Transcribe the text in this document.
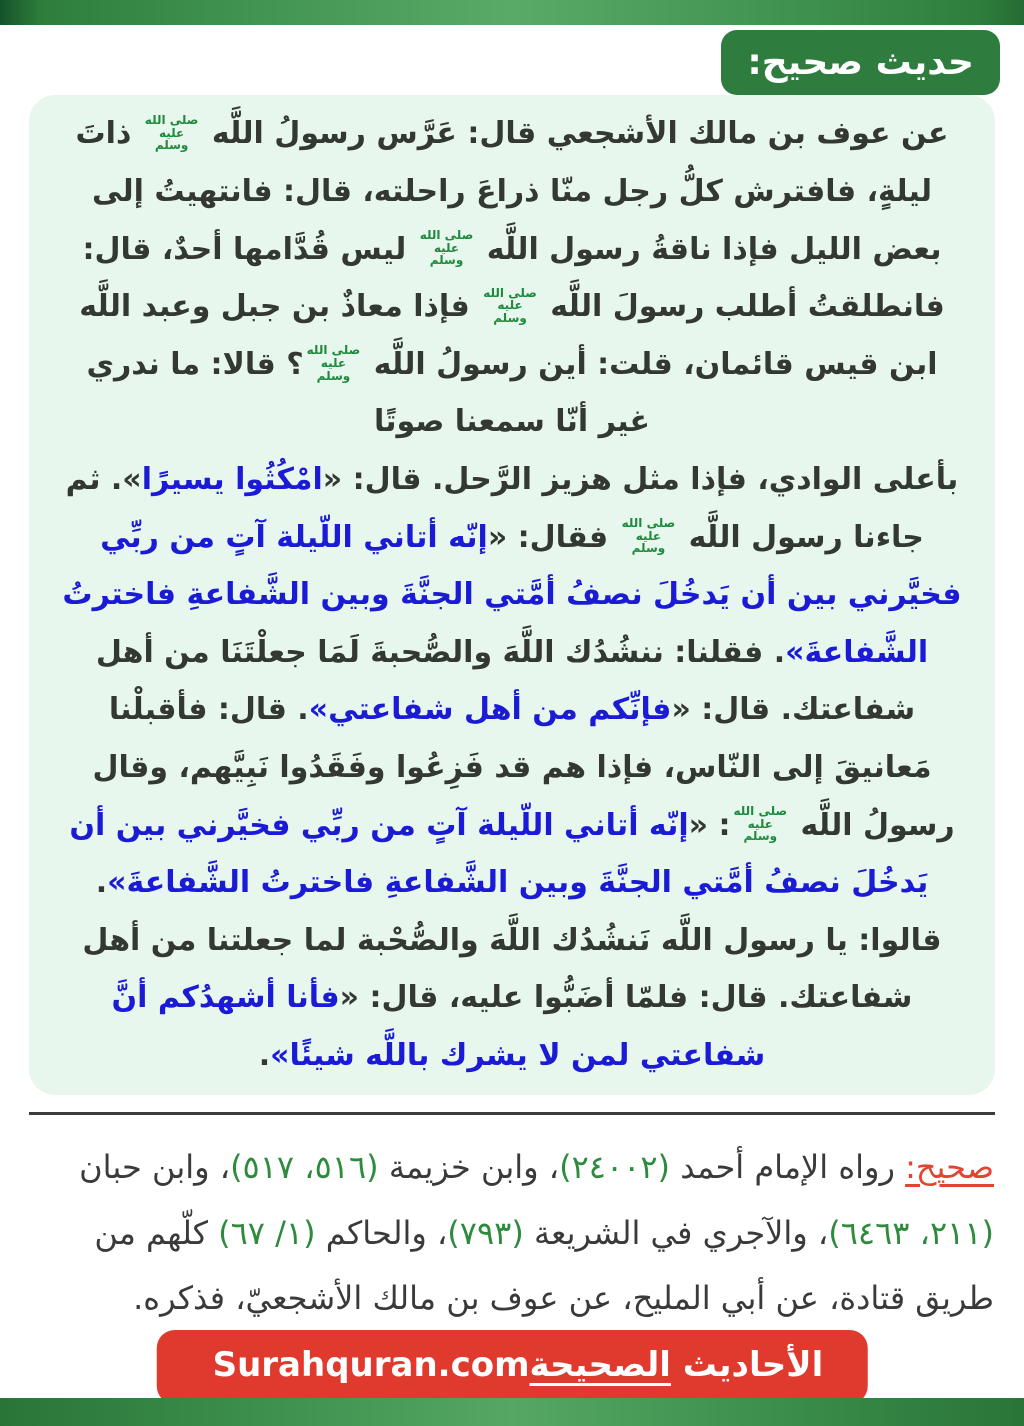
حديث صحيح:

عن عوف بن مالك الأشجعي قال: عَرَّس رسولُ اللَّه
صلى الله
عليه
وسلم
ذاتَ ليلةٍ، فافترش كلُّ رجل منّا ذراعَ راحلته، قال: فانتهيتُ إلى بعض الليل فإذا ناقةُ رسول اللَّه
صلى الله
عليه
وسلم
ليس قُدَّامها أحدٌ، قال: فانطلقتُ أطلب رسولَ اللَّه
صلى الله
عليه
وسلم
فإذا معاذٌ بن جبل وعبد اللَّه ابن قيس قائمان، قلت: أين رسولُ اللَّه
صلى الله
عليه
وسلم
؟ قالا: ما ندري غير أنّا سمعنا صوتًا
بأعلى الوادي، فإذا مثل هزيز الرَّحل. قال: «امْكُثُوا يسيرًا». ثم جاءنا رسول اللَّه
صلى الله
عليه
وسلم
فقال: «إنّه أتاني اللّيلة آتٍ من ربِّي فخيَّرني بين أن يَدخُلَ نصفُ أمَّتي الجنَّةَ وبين الشَّفاعةِ فاخترتُ الشَّفاعةَ». فقلنا: ننشُدُك اللَّهَ والصُّحبةَ لَمَا جعلْتَنَا من أهل شفاعتك. قال: «فإنِّكم من أهل شفاعتي». قال: فأقبلْنا مَعانيقَ إلى النّاس، فإذا هم قد فَزِعُوا وفَقَدُوا نَبِيَّهم، وقال رسولُ اللَّه
صلى الله
عليه
وسلم
: «إنّه أتاني اللّيلة آتٍ من ربِّي فخيَّرني بين أن يَدخُلَ نصفُ أمَّتي الجنَّةَ وبين الشَّفاعةِ فاخترتُ الشَّفاعةَ». قالوا: يا رسول اللَّه نَنشُدُك اللَّهَ والصُّحْبة لما جعلتنا من أهل شفاعتك. قال: فلمّا أضَبُّوا عليه، قال: «فأنا أشهدُكم أنَّ شفاعتي لمن لا يشرك باللَّه شيئًا».

صحيح: رواه الإمام أحمد (٢٤٠٠٢)، وابن خزيمة (٥١٦، ٥١٧)، وابن حبان (٢١١، ٦٤٦٣)، والآجري في الشريعة (٧٩٣)، والحاكم (١/ ٦٧) كلّهم من طريق قتادة، عن أبي المليح، عن عوف بن مالك الأشجعيّ، فذكره.
الأحاديث الصحيحة Surahquran.com
